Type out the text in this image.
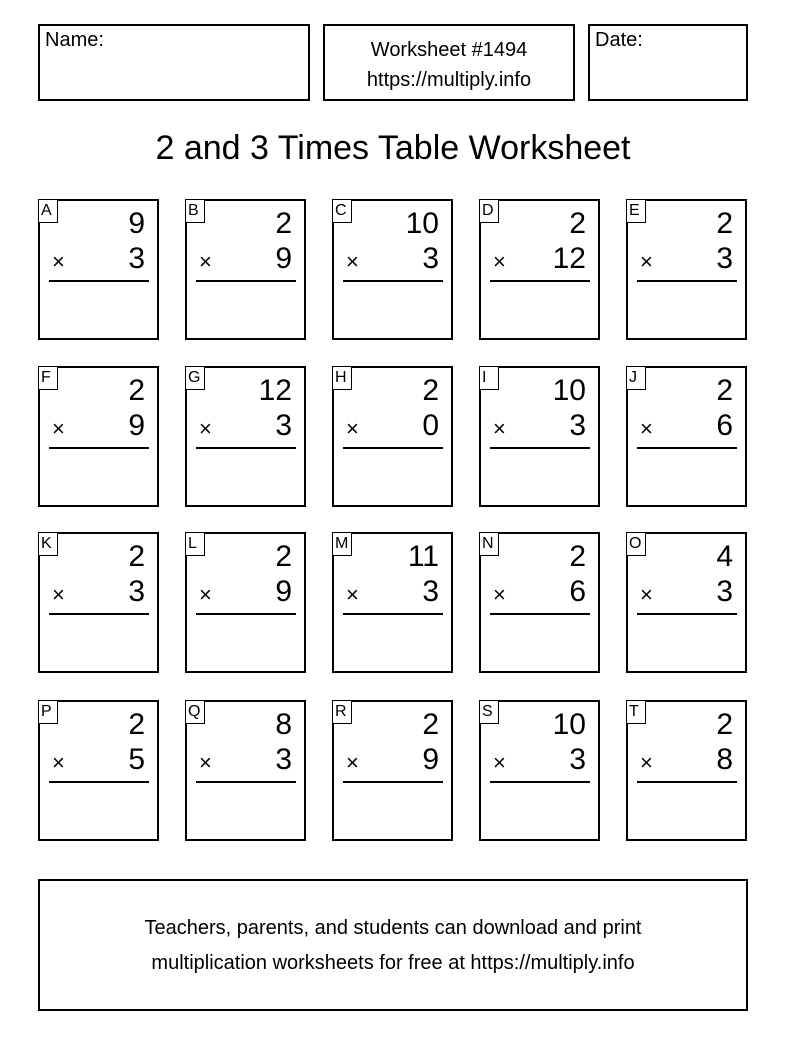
Name:	Worksheet #1494
https://multiply.info
Date:
2 and 3 Times Table Worksheet
A	9
× 3
B	2
× 9
C 10
× 3
D	2
× 12
E	2
× 3
F	2
× 9
G 12
× 3
H	2
× 0
I	10
× 3
J	2
× 6
K	2
× 3
L	2
× 9
M 11
× 3
N	2
× 6
O 4
× 3
P	2
× 5
Q 8
× 3
R	2
× 9
S 10
× 3
T	2
× 8
Teachers, parents, and students can download and print
multiplication worksheets for free at https://multiply.info
